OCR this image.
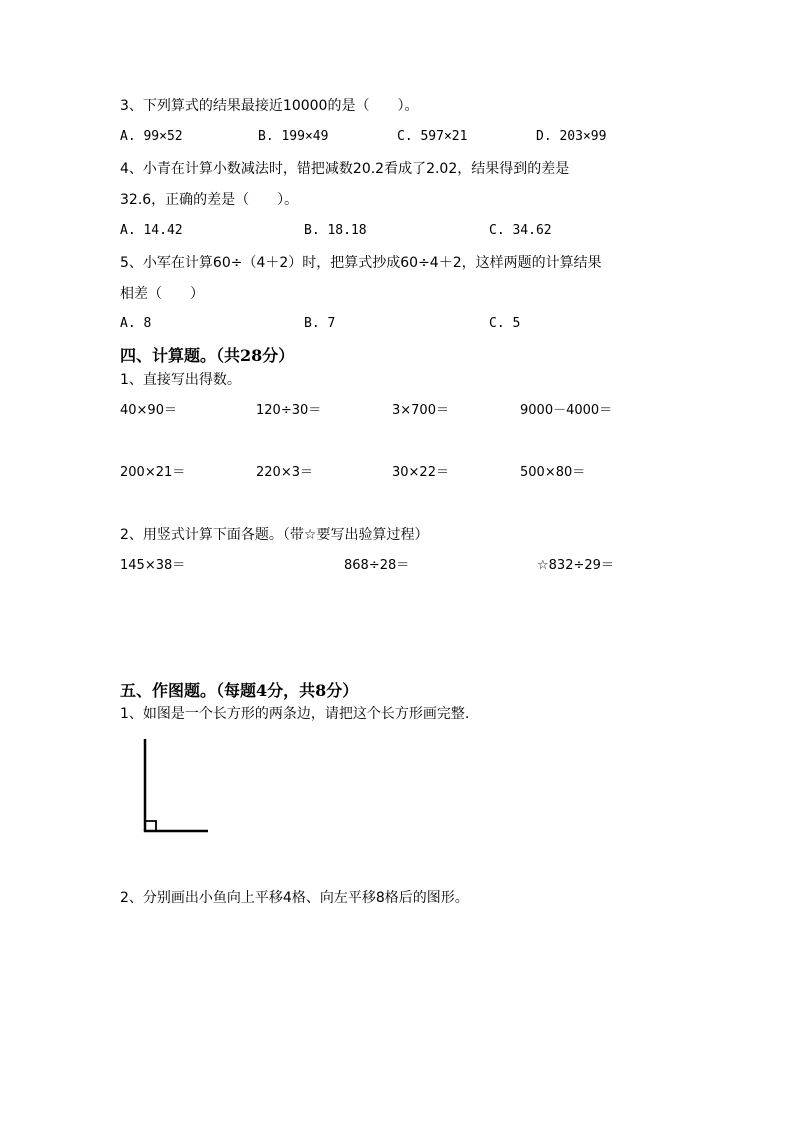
3、下列算式的结果最接近10000的是（　　）。
A. 99×52	B. 199×49	C. 597×21	D. 203×99
4、小青在计算小数减法时，错把减数20.2看成了2.02，结果得到的差是
32.6，正确的差是（　　）。
A. 14.42	B. 18.18	C. 34.62
5、小军在计算60÷（4＋2）时，把算式抄成60÷4＋2，这样两题的计算结果
相差（　　）
A. 8	B. 7	C. 5
四、计算题。（共28分）
1、直接写出得数。
40×90＝	120÷30＝	3×700＝	9000－4000＝
200×21＝	220×3＝	30×22＝	500×80＝
2、用竖式计算下面各题。（带☆要写出验算过程）
145×38＝	868÷28＝	☆832÷29＝
五、作图题。（每题4分，共8分）
1、如图是一个长方形的两条边，请把这个长方形画完整.
2、分别画出小鱼向上平移4格、向左平移8格后的图形。
